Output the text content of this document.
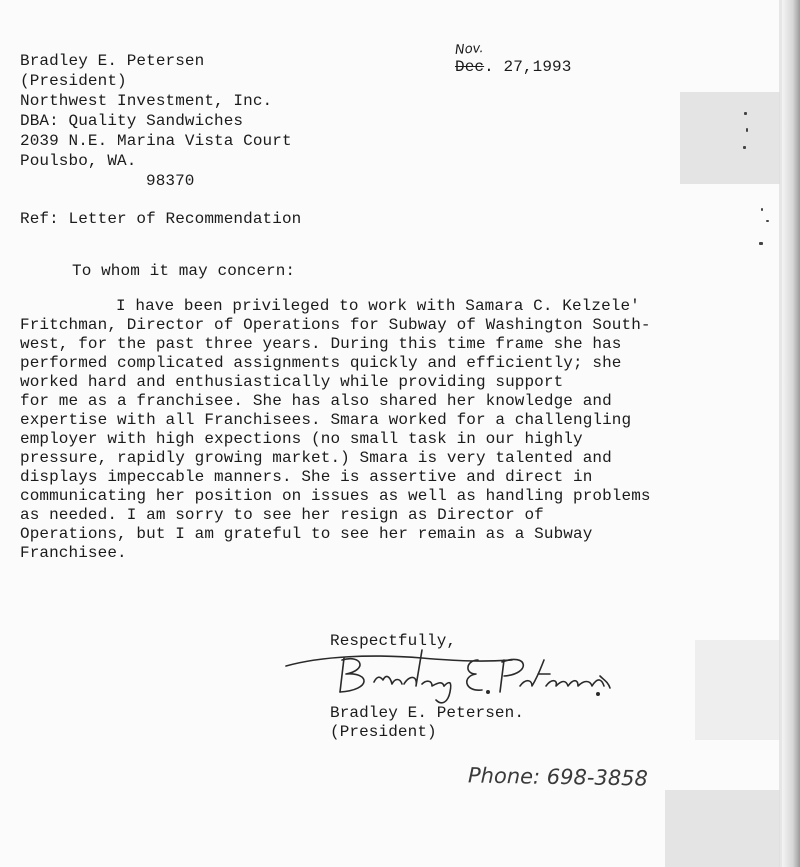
Bradley E. Petersen
(President)
Northwest Investment, Inc.
DBA: Quality Sandwiches
2039 N.E. Marina Vista Court
Poulsbo, WA.
98370
Nov.
Dec. 27,1993
Ref: Letter of Recommendation
To whom it may concern:
I have been privileged to work with Samara C. Kelzele'
Fritchman, Director of Operations for Subway of Washington South-
west, for the past three years. During this time frame she has
performed complicated assignments quickly and efficiently; she
worked hard and enthusiastically while providing support
for me as a franchisee. She has also shared her knowledge and
expertise with all Franchisees. Smara worked for a challengling
employer with high expections (no small task in our highly
pressure, rapidly growing market.) Smara is very talented and
displays impeccable manners. She is assertive and direct in
communicating her position on issues as well as handling problems
as needed. I am sorry to see her resign as Director of
Operations, but I am grateful to see her remain as a Subway
Franchisee.
Respectfully,
Bradley E. Petersen.
(President)
Phone: 698-3858
